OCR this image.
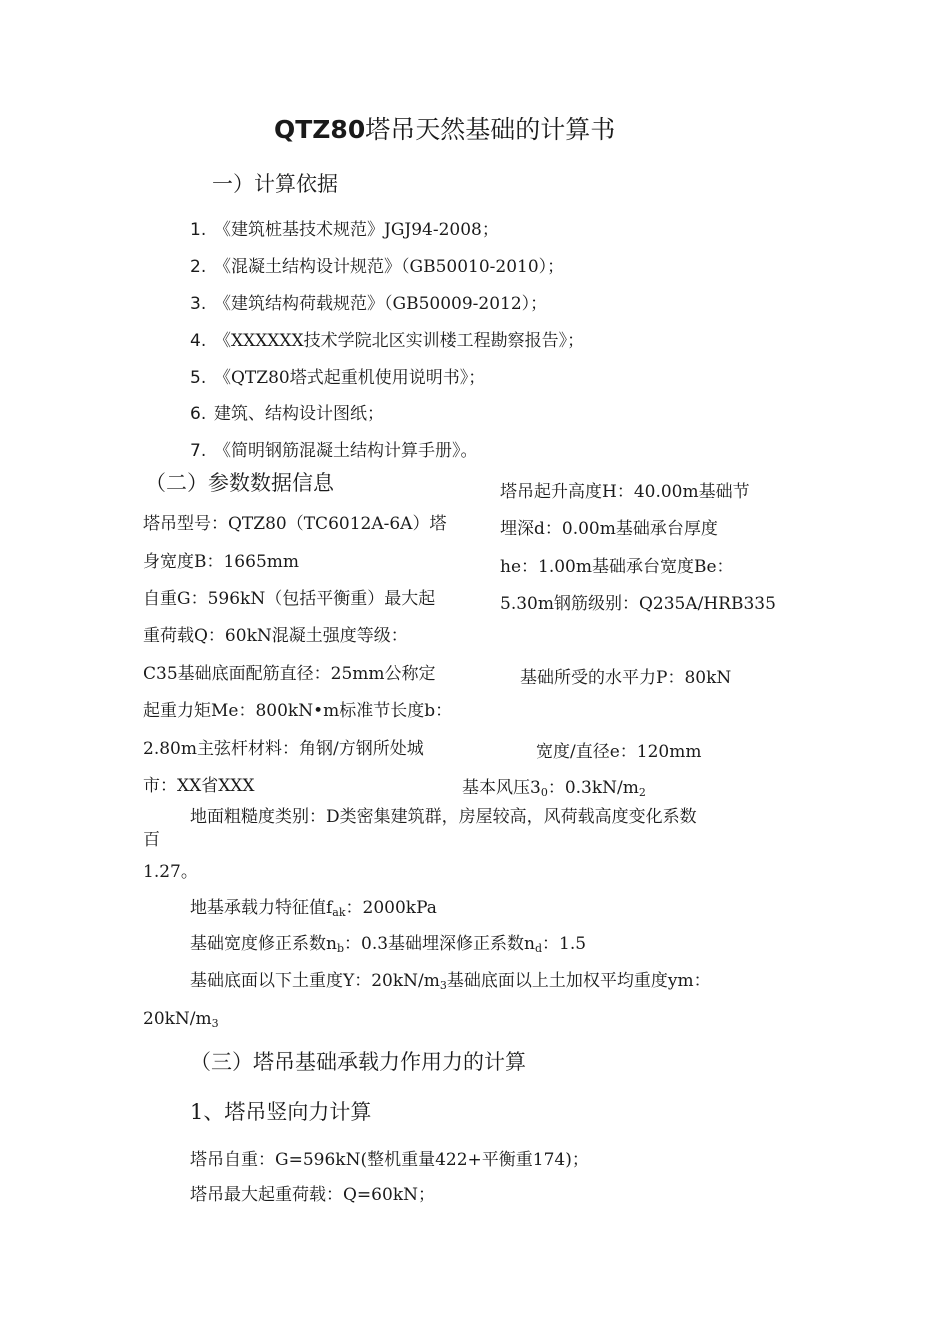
QTZ80塔吊天然基础的计算书
一）计算依据
1. 《建筑桩基技术规范》JGJ94-2008；
2. 《混凝土结构设计规范》（GB50010-2010）；
3. 《建筑结构荷载规范》（GB50009-2012）；
4. 《XXXXXX技术学院北区实训楼工程勘察报告》；
5. 《QTZ80塔式起重机使用说明书》；
6. 建筑、结构设计图纸；
7. 《简明钢筋混凝土结构计算手册》。
（二）参数数据信息
塔吊型号：QTZ80（TC6012A-6A）塔
身宽度B：1665mm
自重G：596kN（包括平衡重）最大起
重荷载Q：60kN混凝土强度等级：
C35基础底面配筋直径：25mm公称定
起重力矩Me：800kN•m标准节长度b：
2.80m主弦杆材料：角钢/方钢所处城
市：XX省XXX
塔吊起升高度H：40.00m基础节
埋深d：0.00m基础承台厚度
he：1.00m基础承台宽度Be：
5.30m钢筋级别：Q235A/HRB335
基础所受的水平力P：80kN
宽度/直径e：120mm
基本风压$3_0$：$0.3kN/m_2$
地面粗糙度类别：D类密集建筑群，房屋较高，风荷载高度变化系数
百
1.27。
地基承载力特征值$f_{ak}$：2000kPa
基础宽度修正系数$n_b$：0.3基础埋深修正系数$n_d$：1.5
基础底面以下土重度Y：$20kN/m_3$基础底面以上土加权平均重度ym：
$20kN/m_3$
（三）塔吊基础承载力作用力的计算
1、塔吊竖向力计算
塔吊自重：G=596kN(整机重量422+平衡重174)；
塔吊最大起重荷载：Q=60kN；
